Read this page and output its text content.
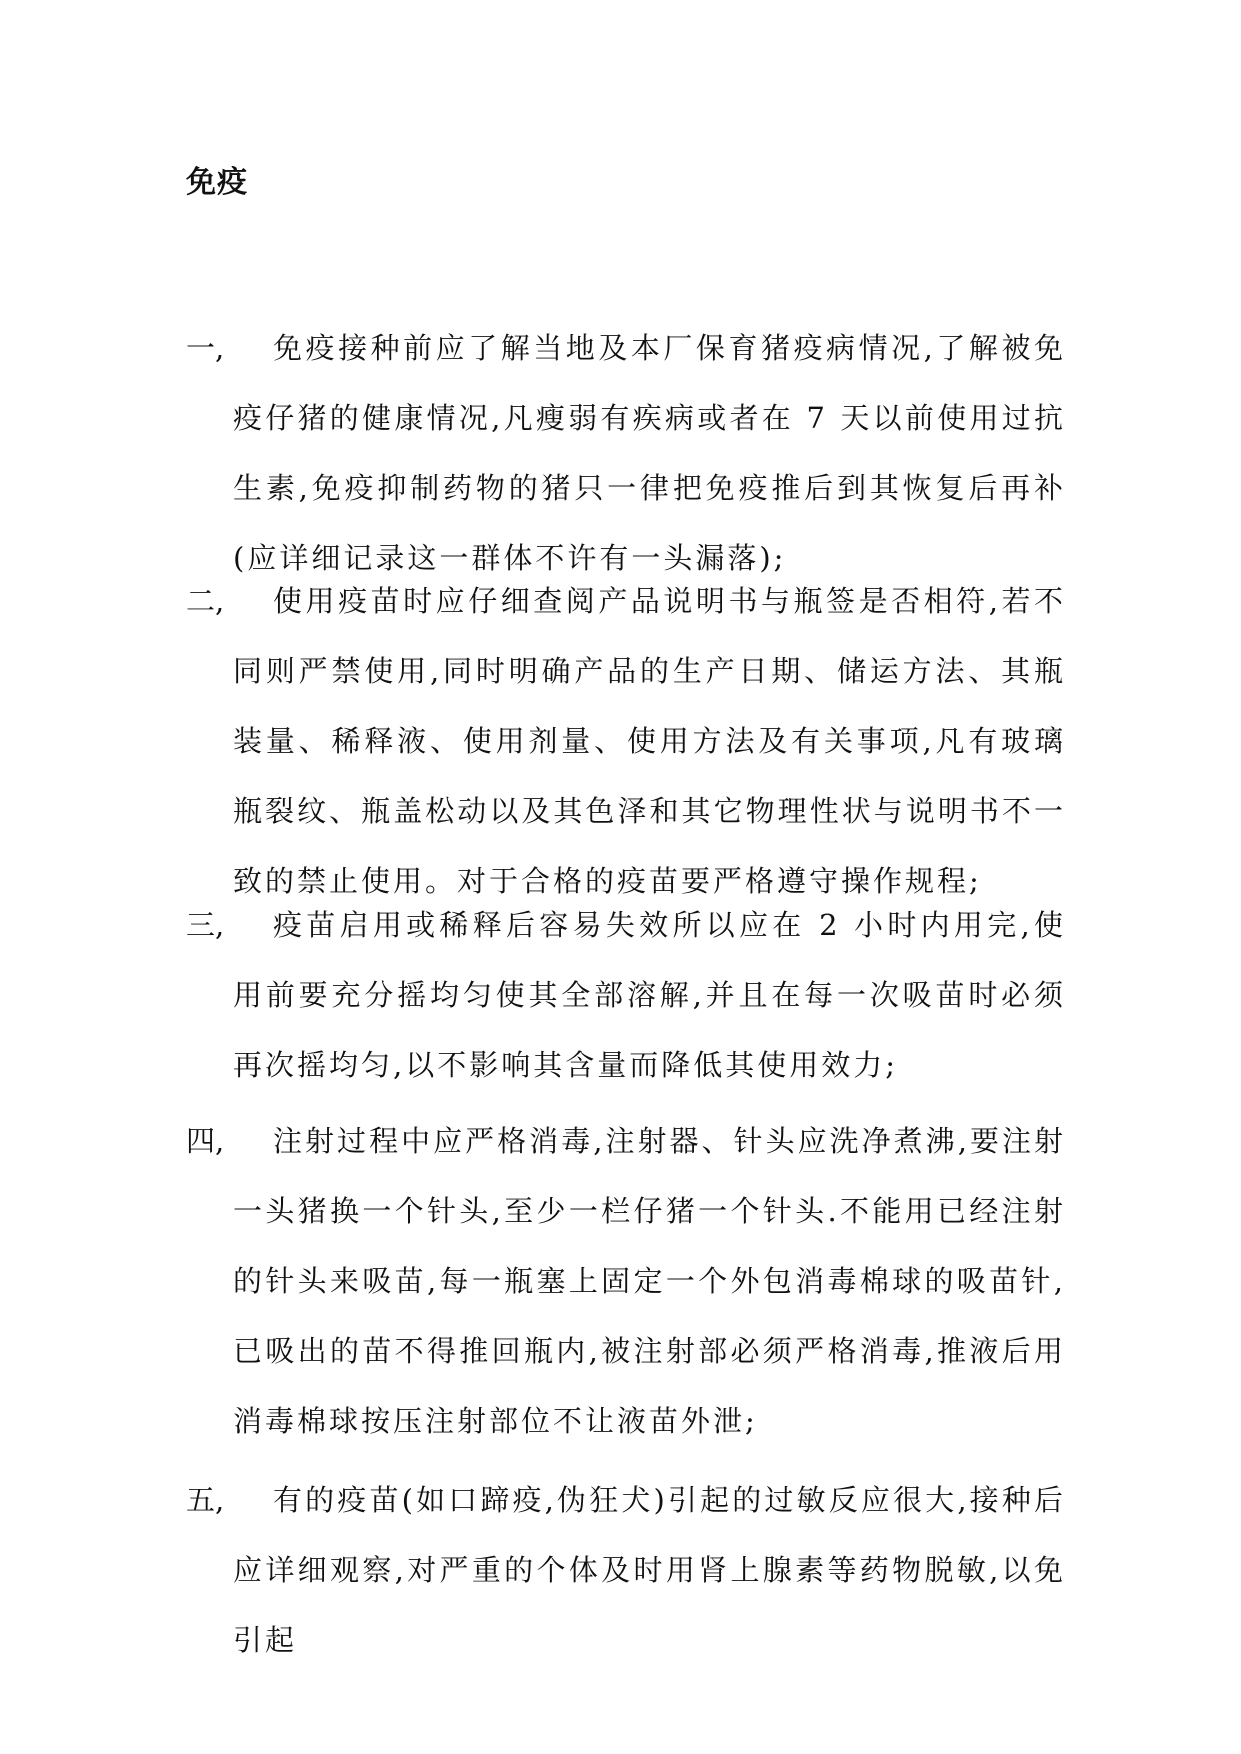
免疫
一,	免疫接种前应了解当地及本厂保育猪疫病情况,了解被免疫仔猪的健康情况,凡瘦弱有疾病或者在 7 天以前使用过抗生素,免疫抑制药物的猪只一律把免疫推后到其恢复后再补(应详细记录这一群体不许有一头漏落);
二,	使用疫苗时应仔细查阅产品说明书与瓶签是否相符,若不同则严禁使用,同时明确产品的生产日期、储运方法、其瓶装量、稀释液、使用剂量、使用方法及有关事项,凡有玻璃瓶裂纹、瓶盖松动以及其色泽和其它物理性状与说明书不一致的禁止使用。对于合格的疫苗要严格遵守操作规程;
三,	疫苗启用或稀释后容易失效所以应在 2 小时内用完,使用前要充分摇均匀使其全部溶解,并且在每一次吸苗时必须再次摇均匀,以不影响其含量而降低其使用效力;
四,	注射过程中应严格消毒,注射器、针头应洗净煮沸,要注射一头猪换一个针头,至少一栏仔猪一个针头.不能用已经注射的针头来吸苗,每一瓶塞上固定一个外包消毒棉球的吸苗针,已吸出的苗不得推回瓶内,被注射部必须严格消毒,推液后用消毒棉球按压注射部位不让液苗外泄;
五,	有的疫苗(如口蹄疫,伪狂犬)引起的过敏反应很大,接种后应详细观察,对严重的个体及时用肾上腺素等药物脱敏,以免引起
